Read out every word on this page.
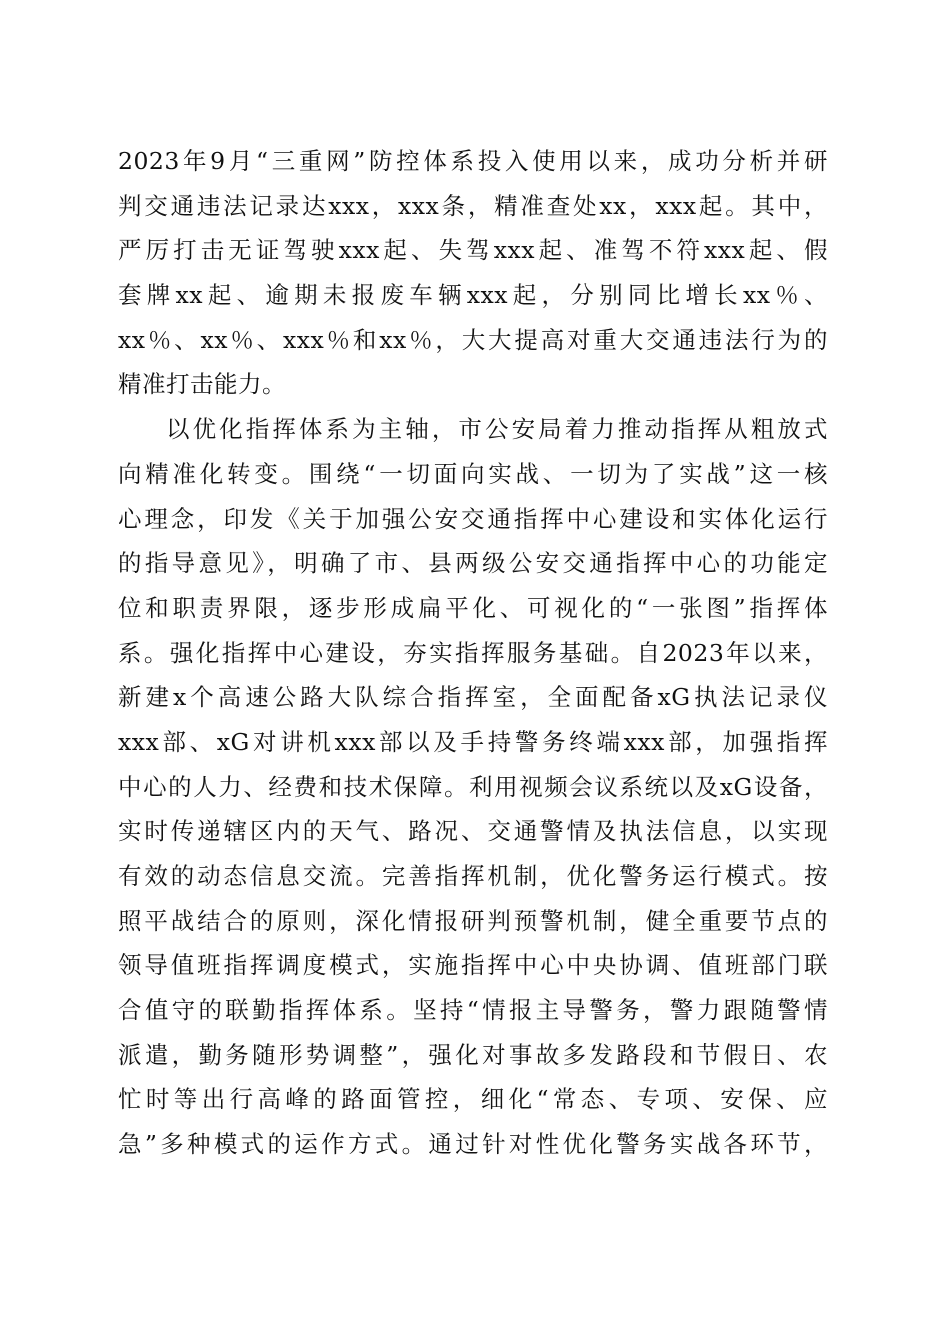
2023年9月“三重网”防控体系投入使用以来，成功分析并研
判交通违法记录达xxx，xxx条，精准查处xx，xxx起。其中，
严厉打击无证驾驶xxx起、失驾xxx起、准驾不符xxx起、假
套牌xx起、逾期未报废车辆xxx起，分别同比增长xx％、
xx％、xx％、xxx％和xx％，大大提高对重大交通违法行为的
精准打击能力。
以优化指挥体系为主轴，市公安局着力推动指挥从粗放式
向精准化转变。围绕“一切面向实战、一切为了实战”这一核
心理念，印发《关于加强公安交通指挥中心建设和实体化运行
的指导意见》，明确了市、县两级公安交通指挥中心的功能定
位和职责界限，逐步形成扁平化、可视化的“一张图”指挥体
系。强化指挥中心建设，夯实指挥服务基础。自2023年以来，
新建x个高速公路大队综合指挥室，全面配备xG执法记录仪
xxx部、xG对讲机xxx部以及手持警务终端xxx部，加强指挥
中心的人力、经费和技术保障。利用视频会议系统以及xG设备，
实时传递辖区内的天气、路况、交通警情及执法信息，以实现
有效的动态信息交流。完善指挥机制，优化警务运行模式。按
照平战结合的原则，深化情报研判预警机制，健全重要节点的
领导值班指挥调度模式，实施指挥中心中央协调、值班部门联
合值守的联勤指挥体系。坚持“情报主导警务，警力跟随警情
派遣，勤务随形势调整”，强化对事故多发路段和节假日、农
忙时等出行高峰的路面管控，细化“常态、专项、安保、应
急”多种模式的运作方式。通过针对性优化警务实战各环节，
